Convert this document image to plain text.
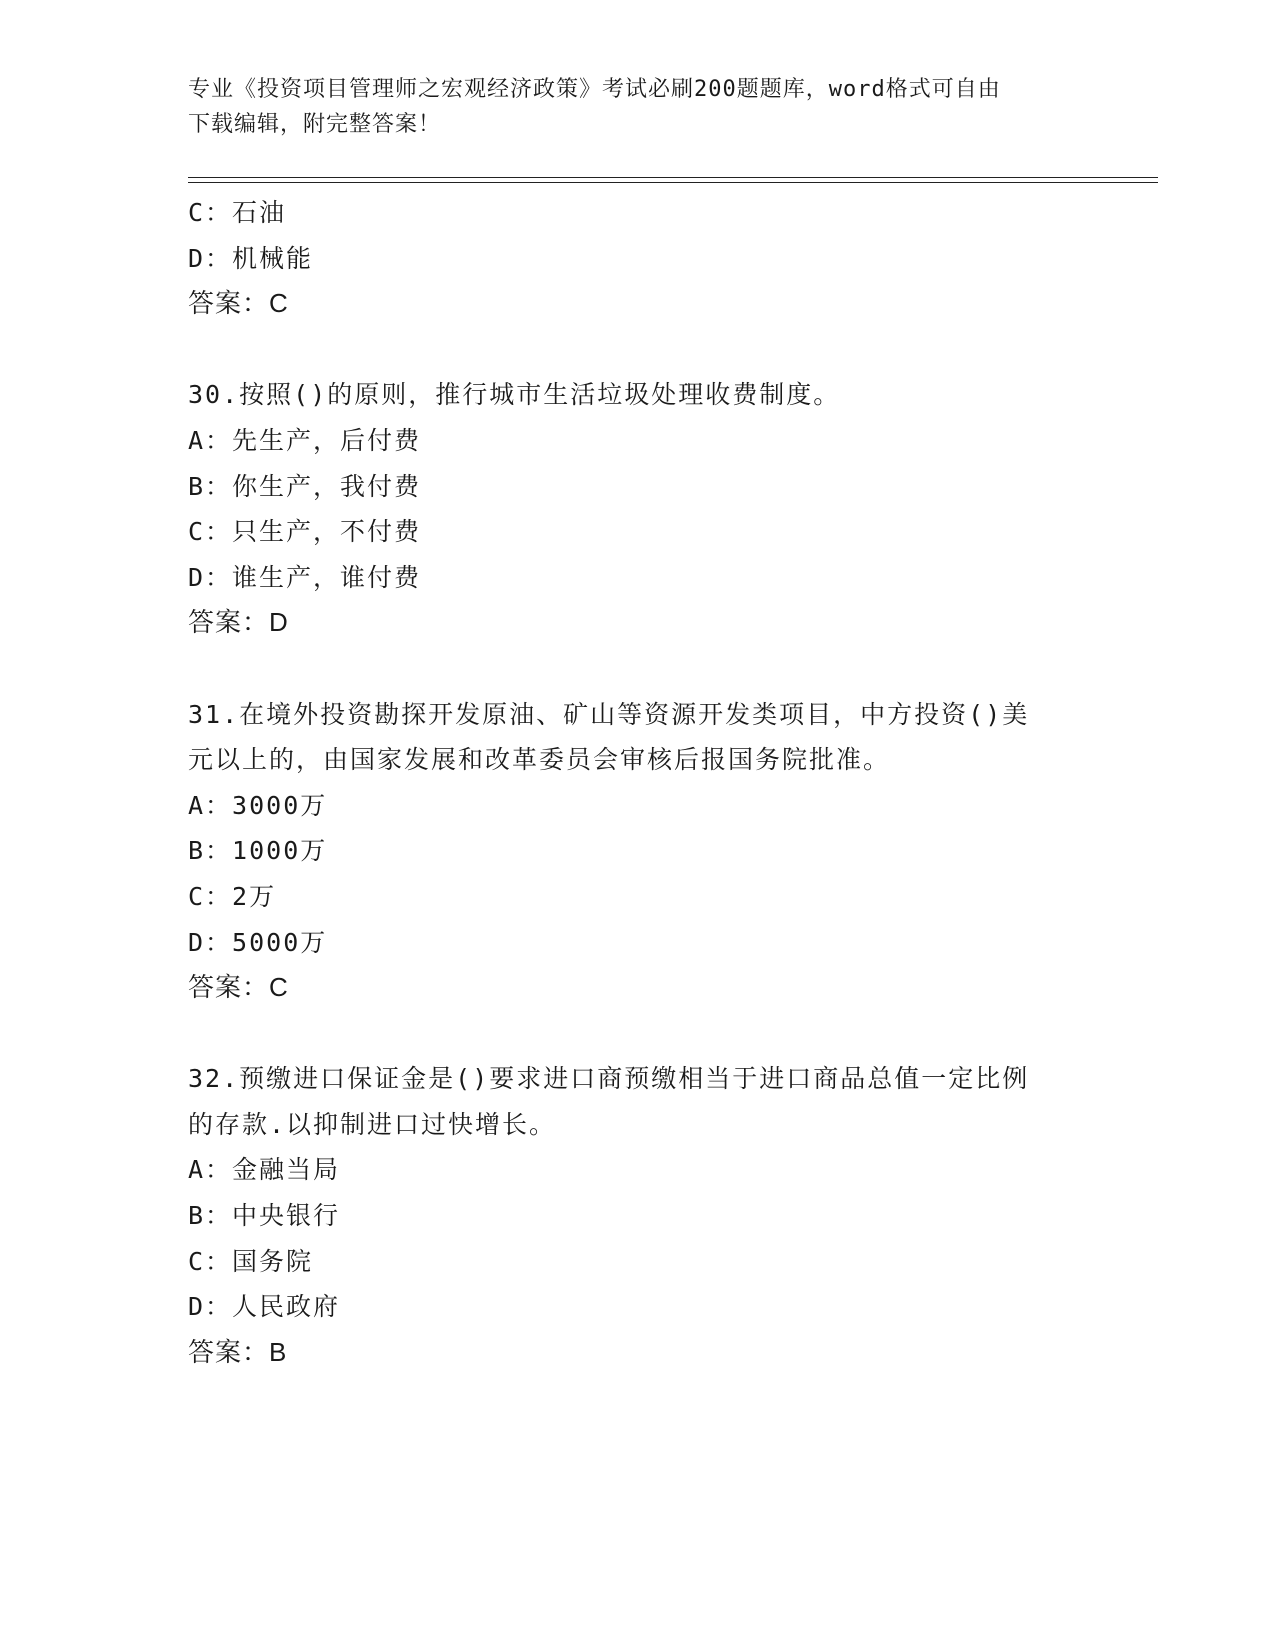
专业《投资项目管理师之宏观经济政策》考试必刷200题题库，word格式可自由
下载编辑，附完整答案！
C：石油
D：机械能
答案：C
30.按照()的原则，推行城市生活垃圾处理收费制度。
A：先生产，后付费
B：你生产，我付费
C：只生产，不付费
D：谁生产，谁付费
答案：D
31.在境外投资勘探开发原油、矿山等资源开发类项目，中方投资()美
元以上的，由国家发展和改革委员会审核后报国务院批准。
A：3000万
B：1000万
C：2万
D：5000万
答案：C
32.预缴进口保证金是()要求进口商预缴相当于进口商品总值一定比例
的存款.以抑制进口过快增长。
A：金融当局
B：中央银行
C：国务院
D：人民政府
答案：B
